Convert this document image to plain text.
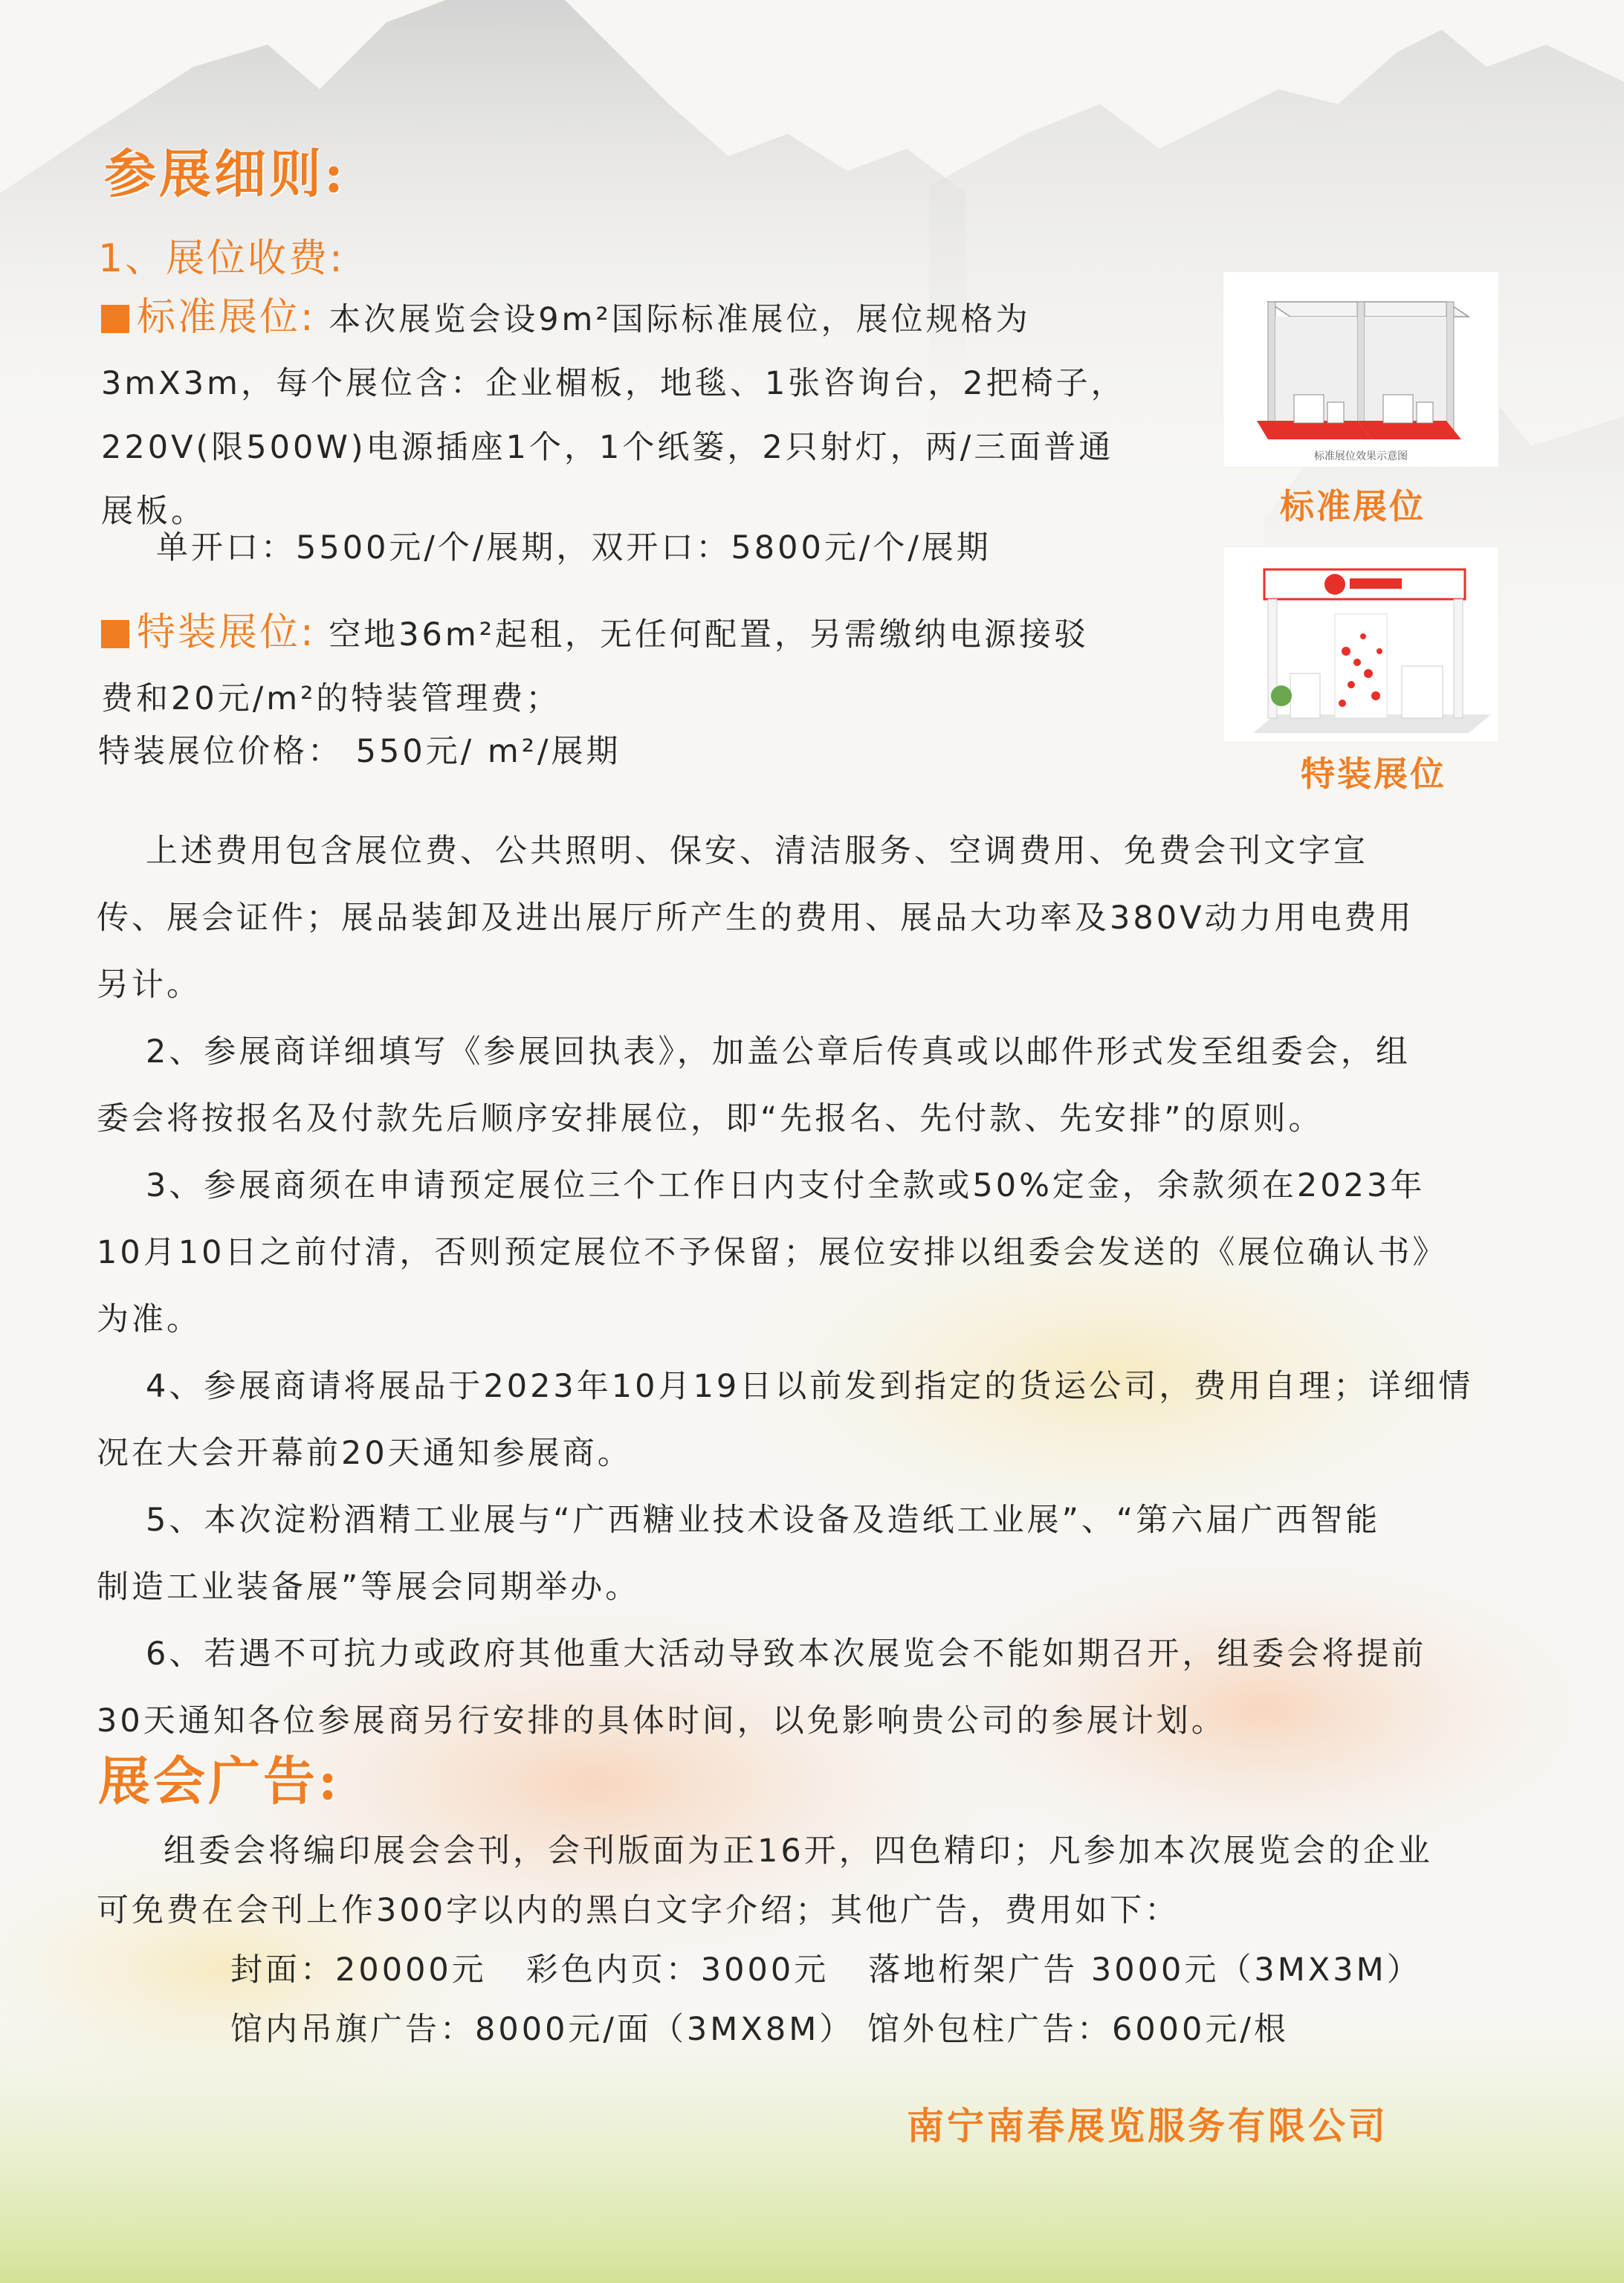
参展细则:
1、展位收费:
标准展位: 本次展览会设9m²国际标准展位，展位规格为
3mX3m，每个展位含：企业楣板，地毯、1张咨询台，2把椅子，
220V(限500W)电源插座1个，1个纸篓，2只射灯，两/三面普通
展板。
单开口：5500元/个/展期，双开口：5800元/个/展期
标准展位效果示意图
标准展位
特装展位: 空地36m²起租，无任何配置，另需缴纳电源接驳
费和20元/m²的特装管理费；
特装展位价格： 550元/ m²/展期
特装展位
上述费用包含展位费、公共照明、保安、清洁服务、空调费用、免费会刊文字宣
传、展会证件；展品装卸及进出展厅所产生的费用、展品大功率及380V动力用电费用
另计。
2、参展商详细填写《参展回执表》，加盖公章后传真或以邮件形式发至组委会，组
委会将按报名及付款先后顺序安排展位，即“先报名、先付款、先安排”的原则。
3、参展商须在申请预定展位三个工作日内支付全款或50%定金，余款须在2023年
10月10日之前付清，否则预定展位不予保留；展位安排以组委会发送的《展位确认书》
为准。
4、参展商请将展品于2023年10月19日以前发到指定的货运公司，费用自理；详细情
况在大会开幕前20天通知参展商。
5、本次淀粉酒精工业展与“广西糖业技术设备及造纸工业展”、“第六届广西智能
制造工业装备展”等展会同期举办。
6、若遇不可抗力或政府其他重大活动导致本次展览会不能如期召开，组委会将提前
30天通知各位参展商另行安排的具体时间，以免影响贵公司的参展计划。
展会广告:
组委会将编印展会会刊，会刊版面为正16开，四色精印；凡参加本次展览会的企业
可免费在会刊上作300字以内的黑白文字介绍；其他广告，费用如下：
封面：20000元   彩色内页：3000元   落地桁架广告 3000元（3MX3M）
馆内吊旗广告：8000元/面（3MX8M） 馆外包柱广告：6000元/根
南宁南春展览服务有限公司
